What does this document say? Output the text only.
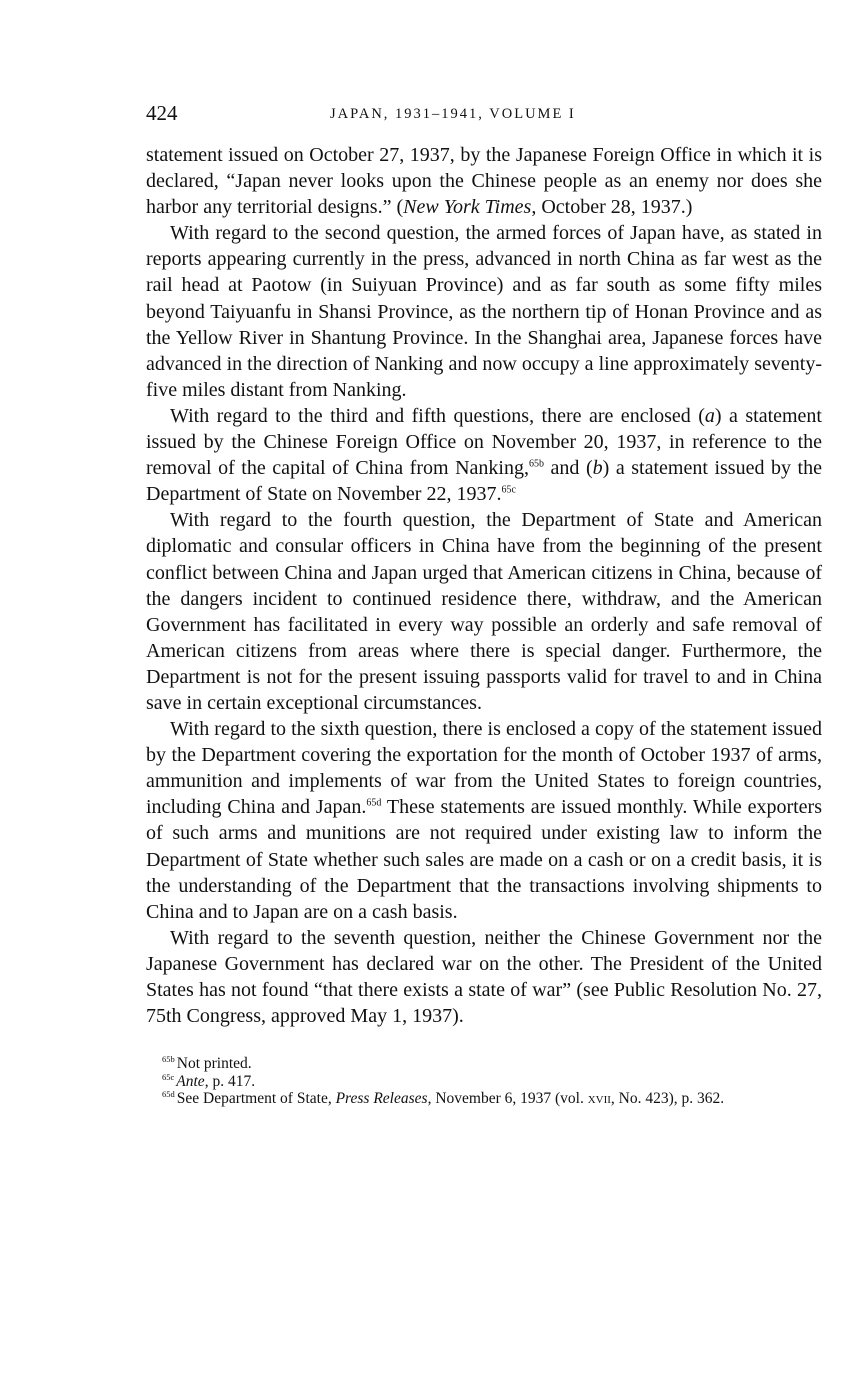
424	JAPAN, 1931–1941, VOLUME I

statement issued on October 27, 1937, by the Japanese Foreign Office in which it is declared, “Japan never looks upon the Chinese people as an enemy nor does she harbor any territorial designs.” (New York Times, October 28, 1937.)

With regard to the second question, the armed forces of Japan have, as stated in reports appearing currently in the press, advanced in north China as far west as the rail head at Paotow (in Suiyuan Province) and as far south as some fifty miles beyond Taiyuanfu in Shansi Province, as the northern tip of Honan Province and as the Yellow River in Shantung Province. In the Shanghai area, Japanese forces have advanced in the direction of Nanking and now occupy a line approximately seventy-five miles distant from Nanking.

With regard to the third and fifth questions, there are enclosed (a) a statement issued by the Chinese Foreign Office on November 20, 1937, in reference to the removal of the capital of China from Nanking,$^{65b}$ and (b) a statement issued by the Department of State on November 22, 1937.$^{65c}$

With regard to the fourth question, the Department of State and American diplomatic and consular officers in China have from the beginning of the present conflict between China and Japan urged that American citizens in China, because of the dangers incident to continued residence there, withdraw, and the American Government has facilitated in every way possible an orderly and safe removal of American citizens from areas where there is special danger. Furthermore, the Department is not for the present issuing passports valid for travel to and in China save in certain exceptional circumstances.

With regard to the sixth question, there is enclosed a copy of the statement issued by the Department covering the exportation for the month of October 1937 of arms, ammunition and implements of war from the United States to foreign countries, including China and Japan.$^{65d}$ These statements are issued monthly. While exporters of such arms and munitions are not required under existing law to inform the Department of State whether such sales are made on a cash or on a credit basis, it is the understanding of the Department that the transactions involving shipments to China and to Japan are on a cash basis.

With regard to the seventh question, neither the Chinese Government nor the Japanese Government has declared war on the other. The President of the United States has not found “that there exists a state of war” (see Public Resolution No. 27, 75th Congress, approved May 1, 1937).

$^{65b}$ Not printed.

$^{65c}$ Ante, p. 417.

$^{65d}$ See Department of State, Press Releases, November 6, 1937 (vol. xvii, No. 423), p. 362.
